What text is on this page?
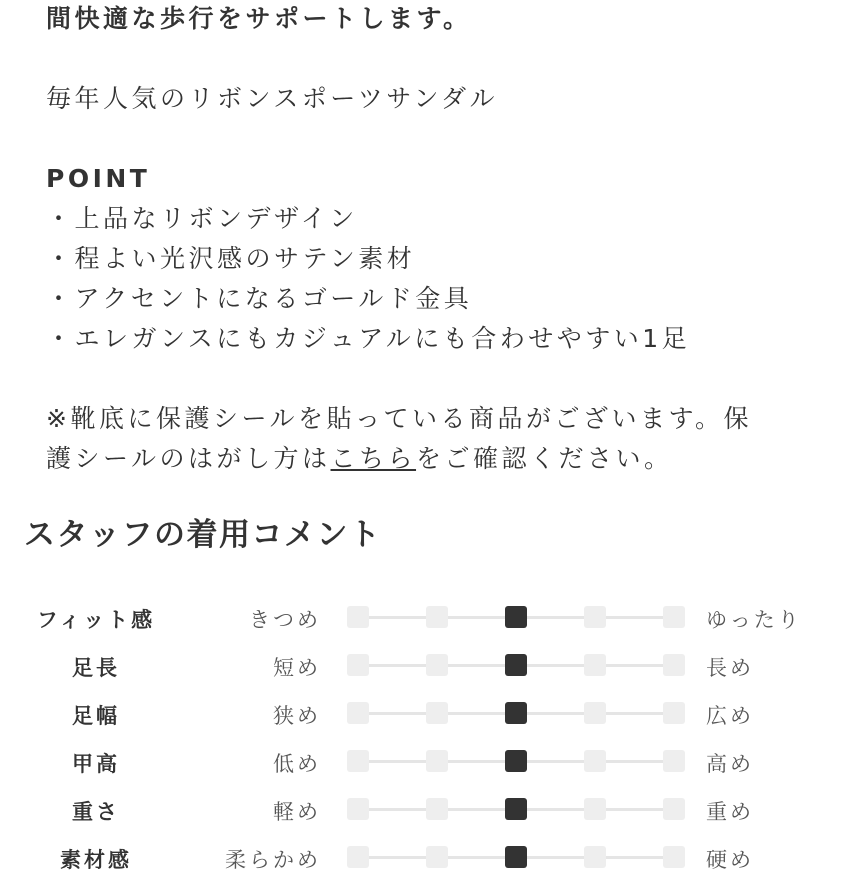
間快適な歩行をサポートします。
毎年人気のリボンスポーツサンダル
POINT
・上品なリボンデザイン
・程よい光沢感のサテン素材
・アクセントになるゴールド金具
・エレガンスにもカジュアルにも合わせやすい1足
※靴底に保護シールを貼っている商品がございます。保
護シールのはがし方はこちらをご確認ください。
スタッフの着用コメント
フィット感	きつめ	ゆったり
足長	短め	長め
足幅	狭め	広め
甲高	低め	高め
重さ	軽め	重め
素材感	柔らかめ	硬め
